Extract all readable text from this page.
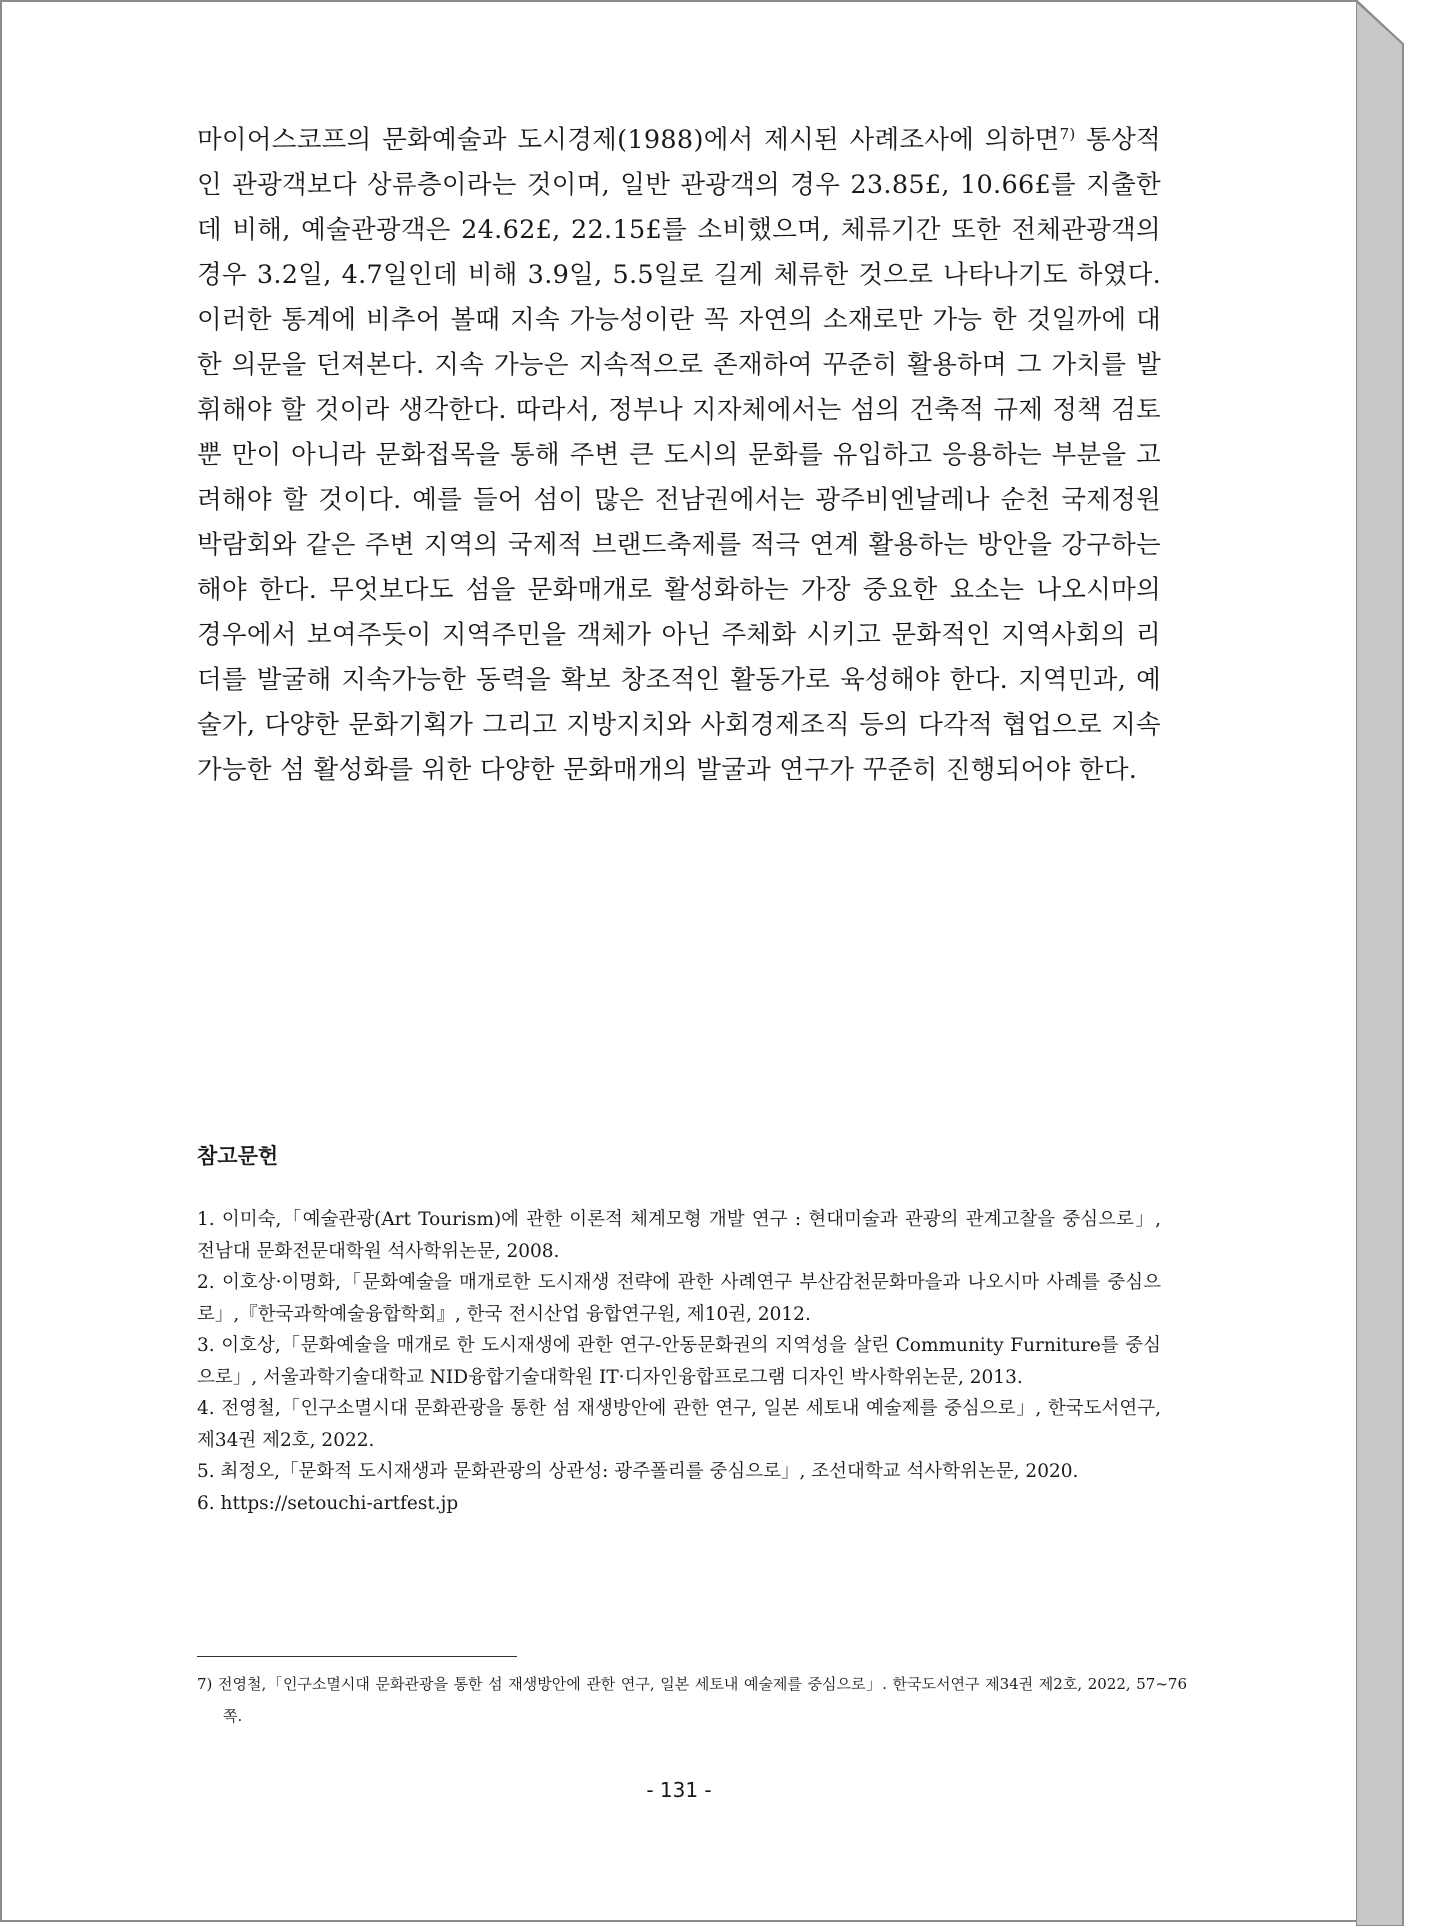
마이어스코프의 문화예술과 도시경제(1988)에서 제시된 사례조사에 의하면$^{7)}$ 통상적인 관광객보다 상류층이라는 것이며, 일반 관광객의 경우 23.85£, 10.66£를 지출한데 비해, 예술관광객은 24.62£, 22.15£를 소비했으며, 체류기간 또한 전체관광객의 경우 3.2일, 4.7일인데 비해 3.9일, 5.5일로 길게 체류한 것으로 나타나기도 하였다. 이러한 통계에 비추어 볼때 지속 가능성이란 꼭 자연의 소재로만 가능 한 것일까에 대한 의문을 던져본다. 지속 가능은 지속적으로 존재하여 꾸준히 활용하며 그 가치를 발휘해야 할 것이라 생각한다. 따라서, 정부나 지자체에서는 섬의 건축적 규제 정책 검토 뿐 만이 아니라 문화접목을 통해 주변 큰 도시의 문화를 유입하고 응용하는 부분을 고려해야 할 것이다. 예를 들어 섬이 많은 전남권에서는 광주비엔날레나 순천 국제정원 박람회와 같은 주변 지역의 국제적 브랜드축제를 적극 연계 활용하는 방안을 강구하는 해야 한다. 무엇보다도 섬을 문화매개로 활성화하는 가장 중요한 요소는 나오시마의 경우에서 보여주듯이 지역주민을 객체가 아닌 주체화 시키고 문화적인 지역사회의 리더를 발굴해 지속가능한 동력을 확보 창조적인 활동가로 육성해야 한다. 지역민과, 예술가, 다양한 문화기획가 그리고 지방지치와 사회경제조직 등의 다각적 협업으로 지속가능한 섬 활성화를 위한 다양한 문화매개의 발굴과 연구가 꾸준히 진행되어야 한다.

참고문헌
1. 이미숙,「예술관광(Art Tourism)에 관한 이론적 체계모형 개발 연구 : 현대미술과 관광의 관계고찰을 중심으로」, 전남대 문화전문대학원 석사학위논문, 2008.
2. 이호상·이명화,「문화예술을 매개로한 도시재생 전략에 관한 사례연구 부산감천문화마을과 나오시마 사례를 중심으로」,『한국과학예술융합학회』, 한국 전시산업 융합연구원, 제10권, 2012.
3. 이호상,「문화예술을 매개로 한 도시재생에 관한 연구-안동문화권의 지역성을 살린 Community Furniture를 중심으로」, 서울과학기술대학교 NID융합기술대학원 IT·디자인융합프로그램 디자인 박사학위논문, 2013.
4. 전영철,「인구소멸시대 문화관광을 통한 섬 재생방안에 관한 연구, 일본 세토내 예술제를 중심으로」, 한국도서연구, 제34권 제2호, 2022.
5. 최정오,「문화적 도시재생과 문화관광의 상관성: 광주폴리를 중심으로」, 조선대학교 석사학위논문, 2020.
6. https://setouchi-artfest.jp

7) 전영철,「인구소멸시대 문화관광을 통한 섬 재생방안에 관한 연구, 일본 세토내 예술제를 중심으로」. 한국도서연구 제34권 제2호, 2022, 57~76쪽.

- 131 -
